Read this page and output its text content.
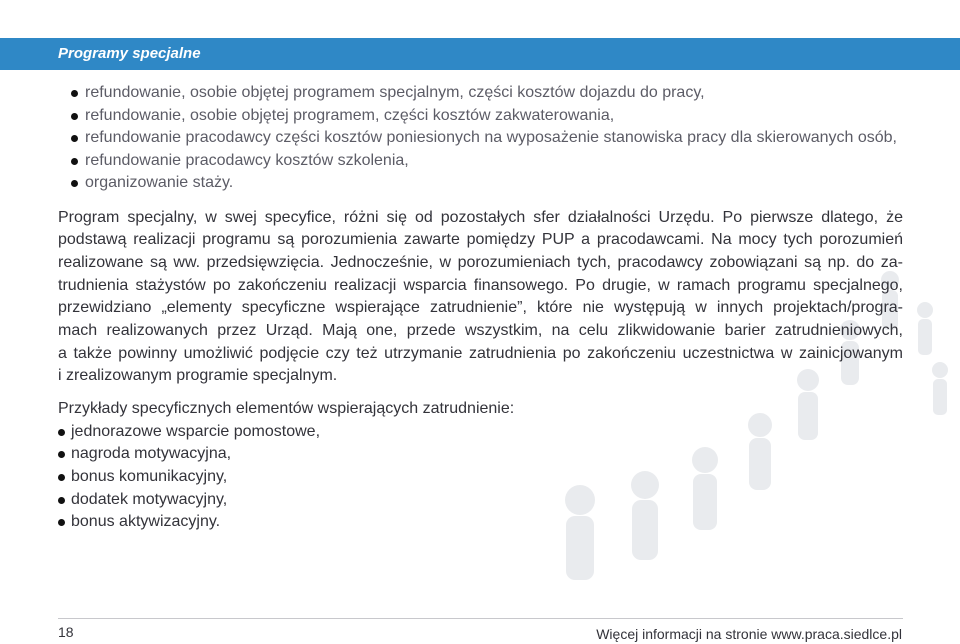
Programy specjalne
refundowanie, osobie objętej programem specjalnym, części kosztów dojazdu do pracy,
refundowanie, osobie objętej programem, części kosztów zakwaterowania,
refundowanie pracodawcy części kosztów poniesionych na wyposażenie stanowiska pracy dla skierowanych osób,
refundowanie pracodawcy kosztów szkolenia,
organizowanie staży.

Program specjalny, w swej specyfice, różni się od pozostałych sfer działalności Urzędu. Po pierwsze dlatego, że
podstawą realizacji programu są porozumienia zawarte pomiędzy PUP a pracodawcami. Na mocy tych porozumień
realizowane są ww. przedsięwzięcia. Jednocześnie, w porozumieniach tych, pracodawcy zobowiązani są np. do za-
trudnienia stażystów po zakończeniu realizacji wsparcia finansowego. Po drugie, w ramach programu specjalnego,
przewidziano „elementy specyficzne wspierające zatrudnienie”, które nie występują w innych projektach/progra-
mach realizowanych przez Urząd. Mają one, przede wszystkim, na celu zlikwidowanie barier zatrudnieniowych,
a także powinny umożliwić podjęcie czy też utrzymanie zatrudnienia po zakończeniu uczestnictwa w zainicjowanym
i zrealizowanym programie specjalnym.

Przykłady specyficznych elementów wspierających zatrudnienie:
jednorazowe wsparcie pomostowe,
nagroda motywacyjna,
bonus komunikacyjny,
dodatek motywacyjny,
bonus aktywizacyjny.
18	Więcej informacji na stronie www.praca.siedlce.pl
